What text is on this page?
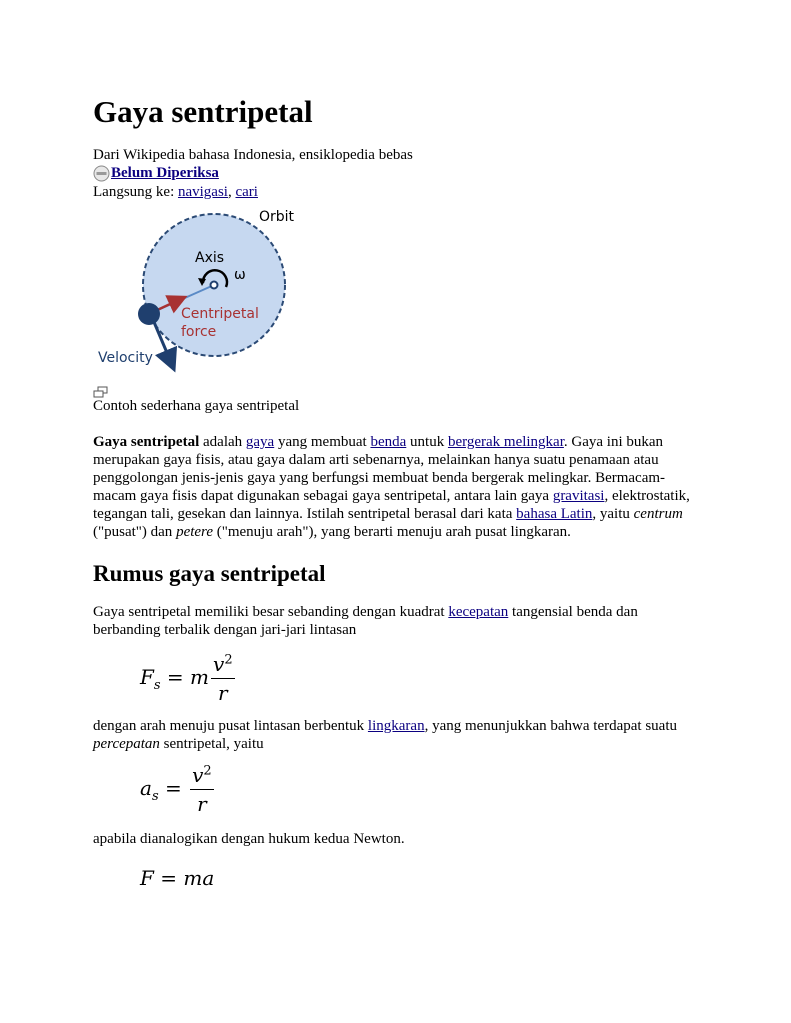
Gaya sentripetal
Dari Wikipedia bahasa Indonesia, ensiklopedia bebas
Belum Diperiksa
Langsung ke: navigasi, cari
Orbit
Axis
ω
Centripetal
force
Velocity
Contoh sederhana gaya sentripetal

Gaya sentripetal adalah gaya yang membuat benda untuk bergerak melingkar. Gaya ini bukan merupakan gaya fisis, atau gaya dalam arti sebenarnya, melainkan hanya suatu penamaan atau penggolongan jenis-jenis gaya yang berfungsi membuat benda bergerak melingkar. Bermacam-macam gaya fisis dapat digunakan sebagai gaya sentripetal, antara lain gaya gravitasi, elektrostatik, tegangan tali, gesekan dan lainnya. Istilah sentripetal berasal dari kata bahasa Latin, yaitu centrum ("pusat") dan petere ("menuju arah"), yang berarti menuju arah pusat lingkaran.

Rumus gaya sentripetal

Gaya sentripetal memiliki besar sebanding dengan kuadrat kecepatan tangensial benda dan berbanding terbalik dengan jari-jari lintasan

$F_s = m \frac{v^2}{r}$

dengan arah menuju pusat lintasan berbentuk lingkaran, yang menunjukkan bahwa terdapat suatu percepatan sentripetal, yaitu

$a_s = \frac{v^2}{r}$

apabila dianalogikan dengan hukum kedua Newton.

F = ma
